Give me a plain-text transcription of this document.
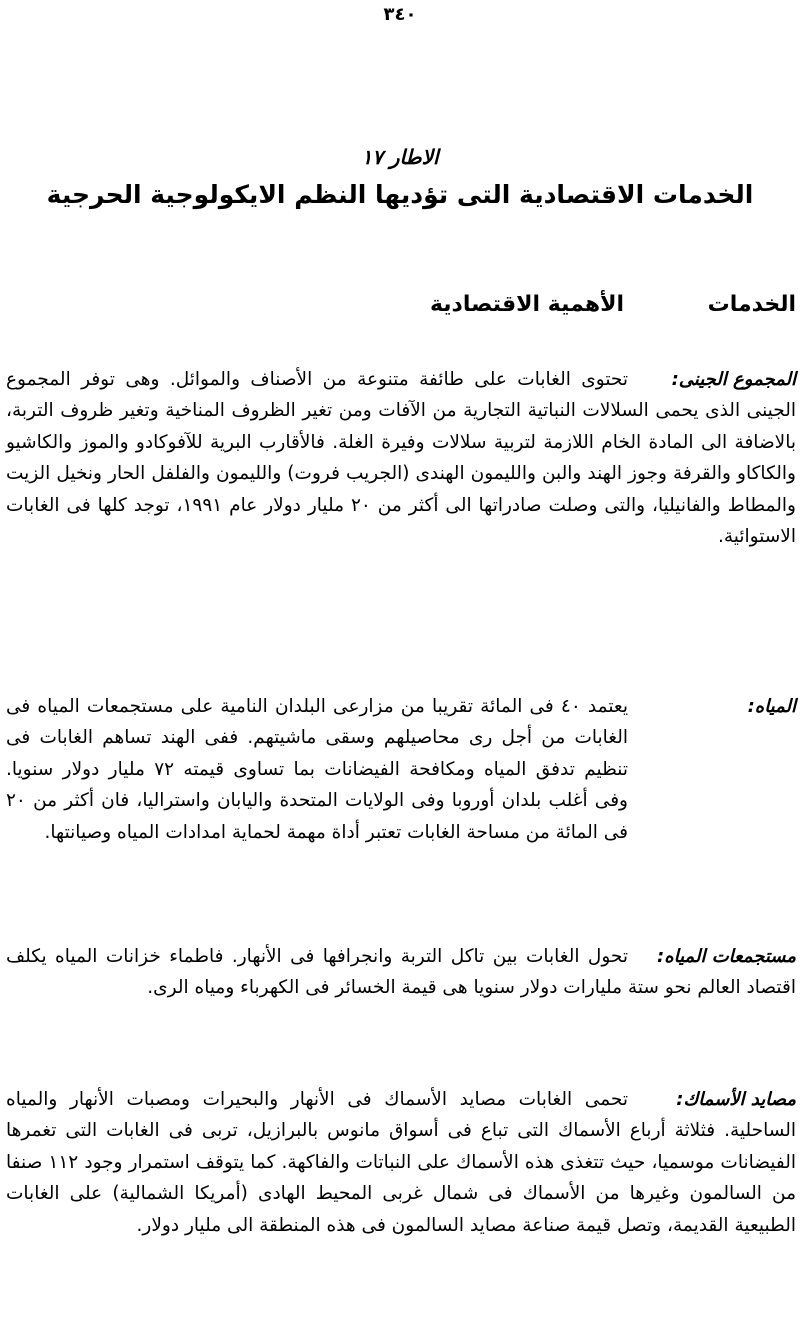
٣٤٠
الاطار ١٧
الخدمات الاقتصادية التى تؤديها النظم الايكولوجية الحرجية
الخدمات
الأهمية الاقتصادية
المجموع الجينى:
تحتوى الغابات على طائفة متنوعة من الأصناف والموائل. وهى توفر المجموع الجينى الذى يحمى السلالات النباتية التجارية من الآفات ومن تغير الظروف المناخية وتغير ظروف التربة، بالاضافة الى المادة الخام اللازمة لتربية سلالات وفيرة الغلة. فالأقارب البرية للآفوكادو والموز والكاشيو والكاكاو والقرفة وجوز الهند والبن والليمون الهندى (الجريب فروت) والليمون والفلفل الحار ونخيل الزيت والمطاط والفانيليا، والتى وصلت صادراتها الى أكثر من ٢٠ مليار دولار عام ١٩٩١، توجد كلها فى الغابات الاستوائية.
المياه:
يعتمد ٤٠ فى المائة تقريبا من مزارعى البلدان النامية على مستجمعات المياه فى الغابات من أجل رى محاصيلهم وسقى ماشيتهم. ففى الهند تساهم الغابات فى تنظيم تدفق المياه ومكافحة الفيضانات بما تساوى قيمته ٧٢ مليار دولار سنويا. وفى أغلب بلدان أوروبا وفى الولايات المتحدة واليابان واستراليا، فان أكثر من ٢٠ فى المائة من مساحة الغابات تعتبر أداة مهمة لحماية امدادات المياه وصيانتها.
مستجمعات المياه:
تحول الغابات بين تاكل التربة وانجرافها فى الأنهار. فاطماء خزانات المياه يكلف اقتصاد العالم نحو ستة مليارات دولار سنويا هى قيمة الخسائر فى الكهرباء ومياه الرى.
مصايد الأسماك:
تحمى الغابات مصايد الأسماك فى الأنهار والبحيرات ومصبات الأنهار والمياه الساحلية. فثلاثة أرباع الأسماك التى تباع فى أسواق مانوس بالبرازيل، تربى فى الغابات التى تغمرها الفيضانات موسميا، حيث تتغذى هذه الأسماك على النباتات والفاكهة. كما يتوقف استمرار وجود ١١٢ صنفا من السالمون وغيرها من الأسماك فى شمال غربى المحيط الهادى (أمريكا الشمالية) على الغابات الطبيعية القديمة، وتصل قيمة صناعة مصايد السالمون فى هذه المنطقة الى مليار دولار.
